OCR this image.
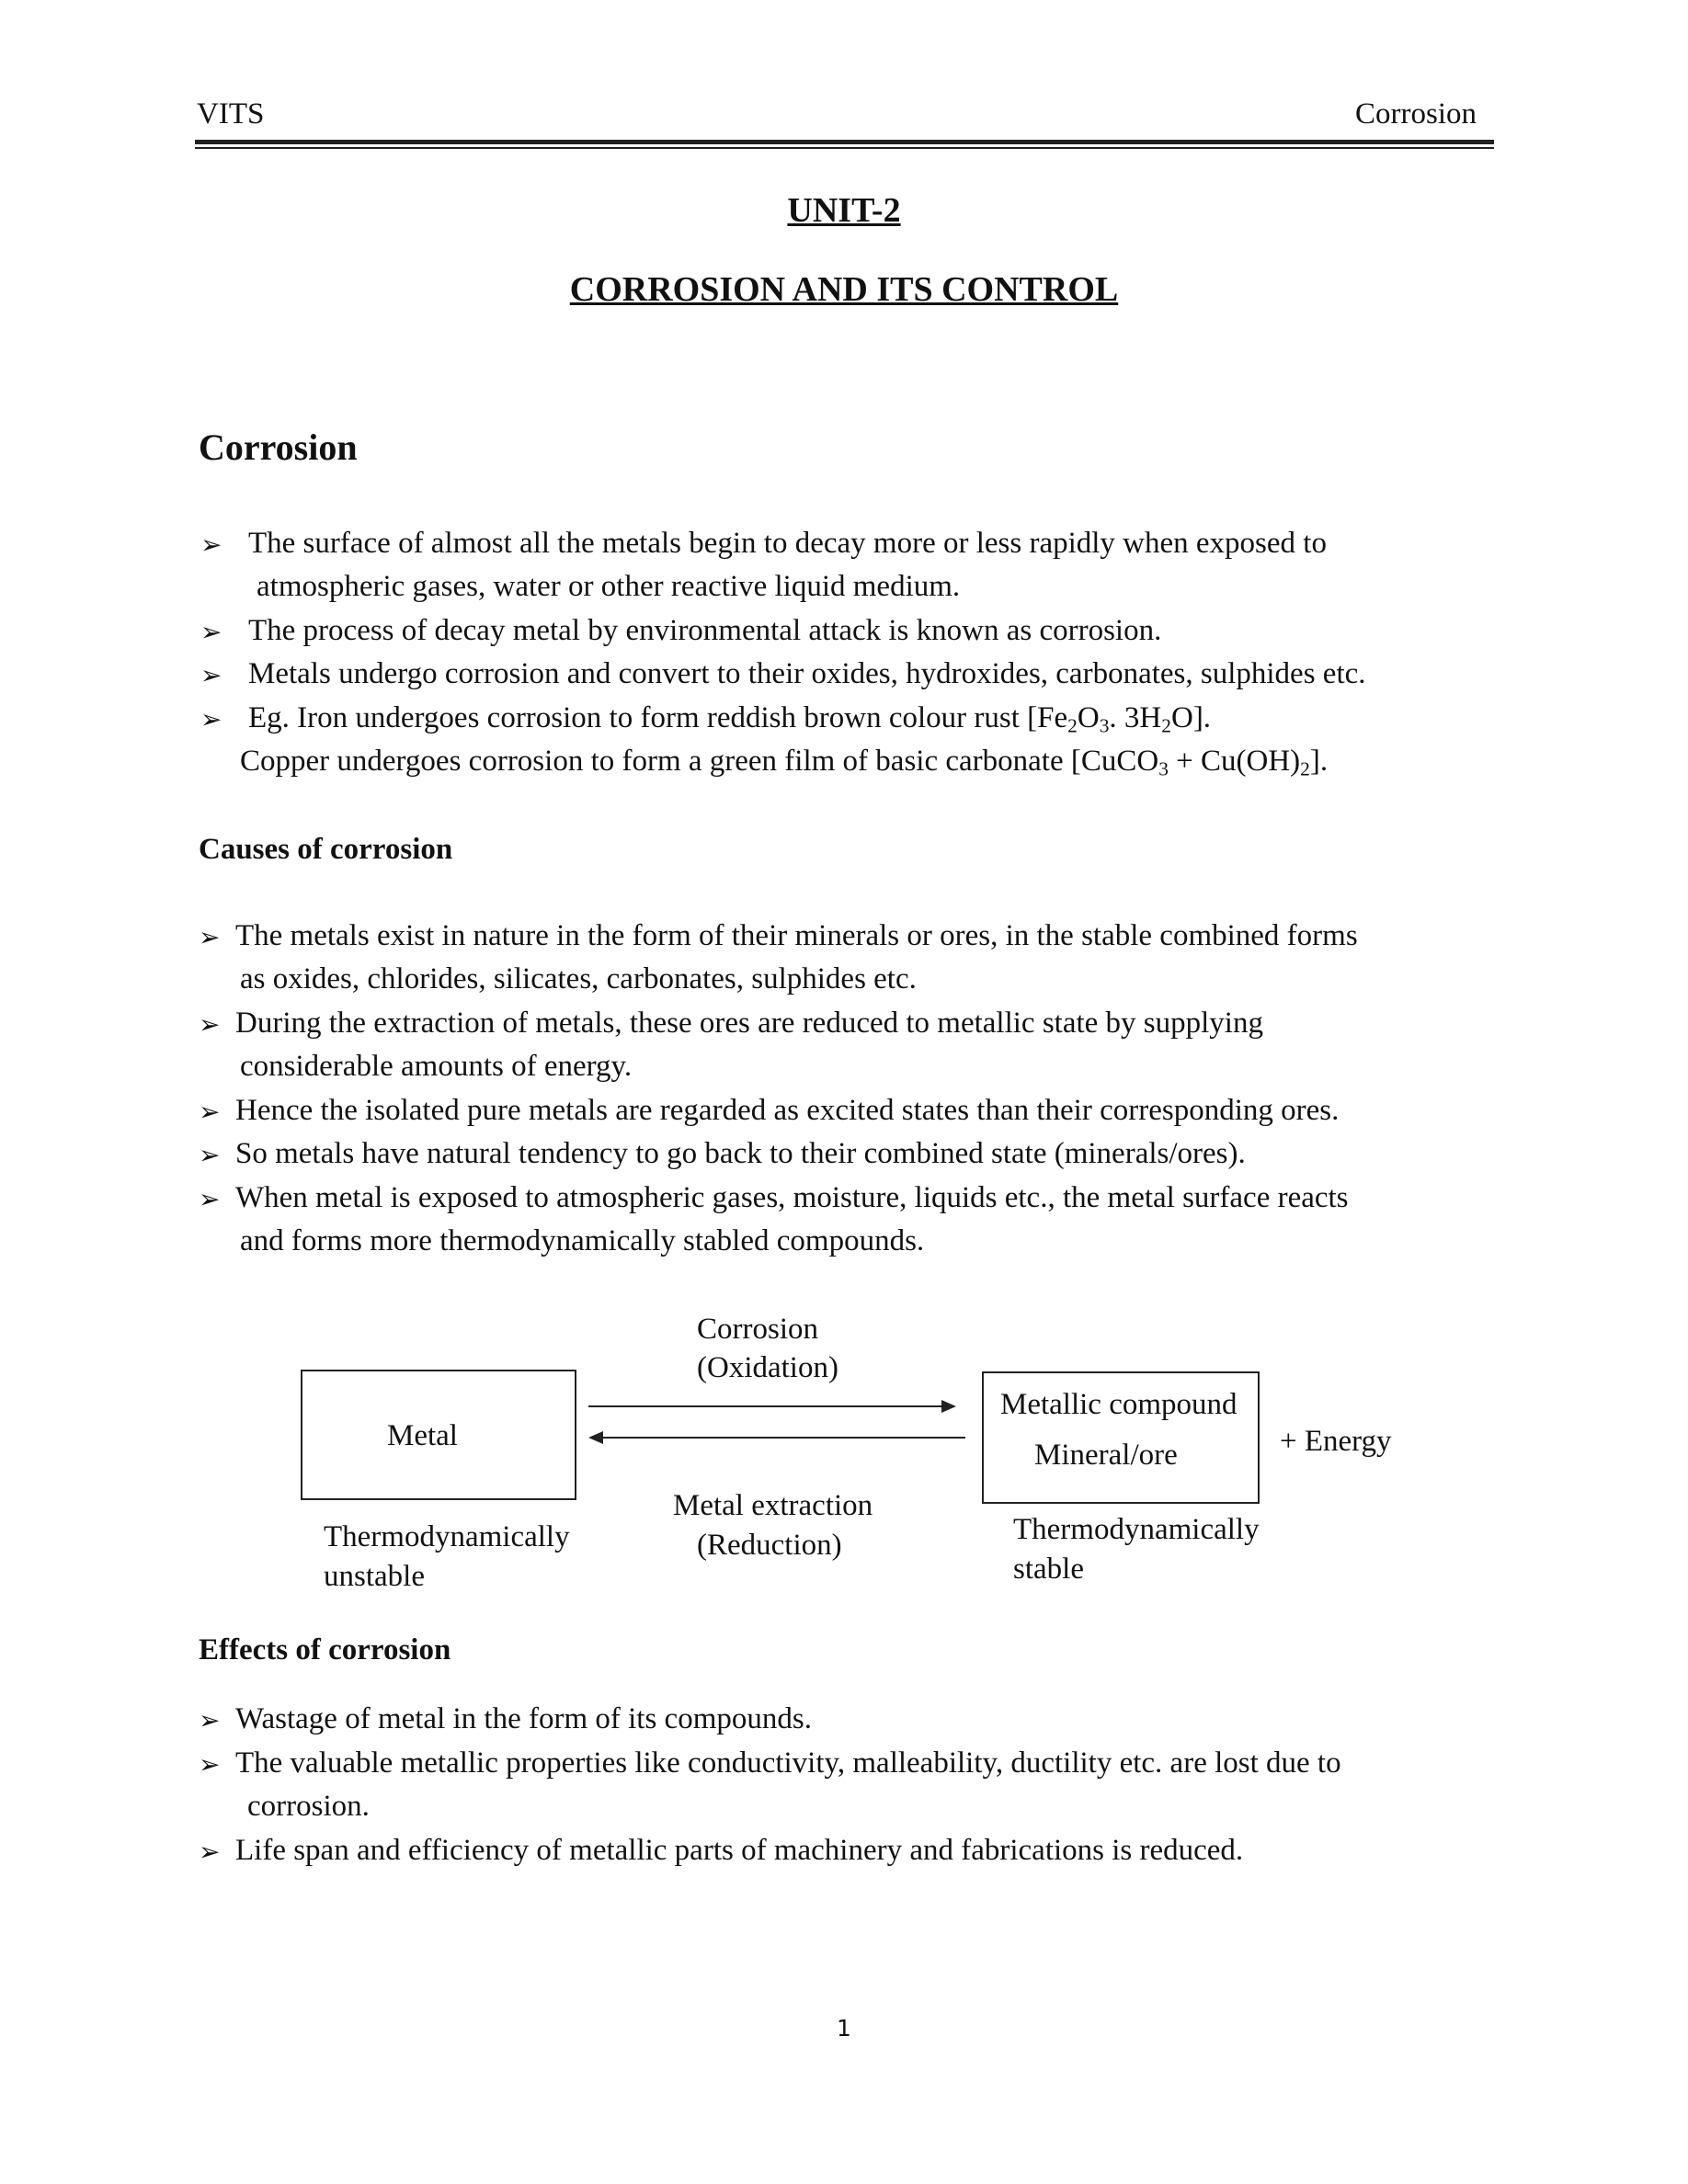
VITS	Corrosion
UNIT-2
CORROSION AND ITS CONTROL
Corrosion
➢ The surface of almost all the metals begin to decay more or less rapidly when exposed to
atmospheric gases, water or other reactive liquid medium.
➢ The process of decay metal by environmental attack is known as corrosion.
➢ Metals undergo corrosion and convert to their oxides, hydroxides, carbonates, sulphides etc.
➢ Eg. Iron undergoes corrosion to form reddish brown colour rust [$Fe_2O_3$. $3H_2O$].
Copper undergoes corrosion to form a green film of basic carbonate [CuCO$_3$ + $Cu(OH)_2$].
Causes of corrosion
➢ The metals exist in nature in the form of their minerals or ores, in the stable combined forms
as oxides, chlorides, silicates, carbonates, sulphides etc.
➢ During the extraction of metals, these ores are reduced to metallic state by supplying
considerable amounts of energy.
➢ Hence the isolated pure metals are regarded as excited states than their corresponding ores.
➢ So metals have natural tendency to go back to their combined state (minerals/ores).
➢ When metal is exposed to atmospheric gases, moisture, liquids etc., the metal surface reacts
and forms more thermodynamically stabled compounds.
Metal
Corrosion
(Oxidation)
Metal extraction
(Reduction)
Metallic compound
Mineral/ore	+ Energy
Thermodynamically
unstable
Thermodynamically
stable
Effects of corrosion
➢ Wastage of metal in the form of its compounds.
➢ The valuable metallic properties like conductivity, malleability, ductility etc. are lost due to
corrosion.
➢ Life span and efficiency of metallic parts of machinery and fabrications is reduced.
1
